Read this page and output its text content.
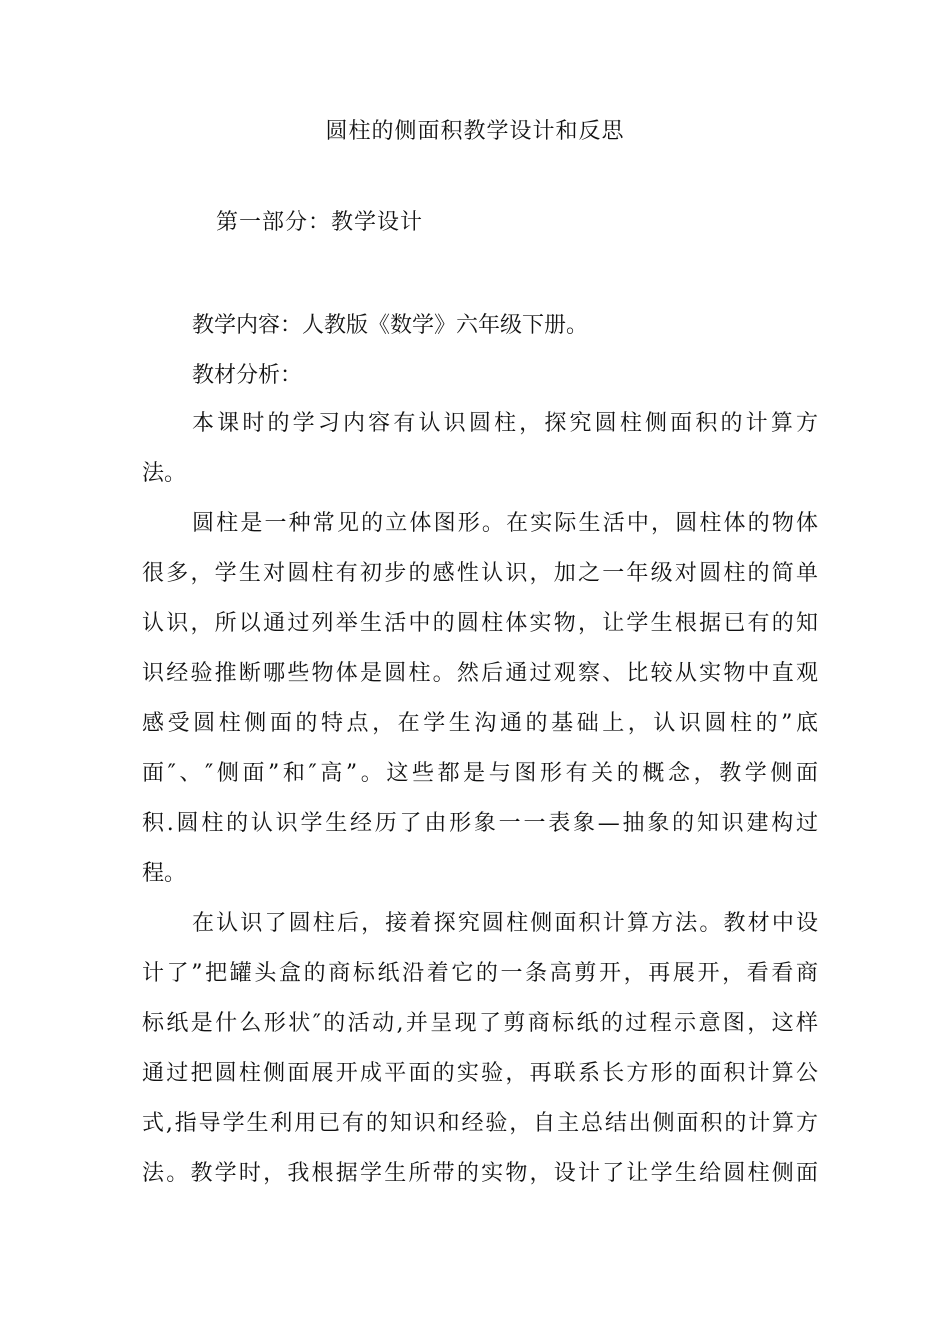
圆柱的侧面积教学设计和反思
第一部分：教学设计
教学内容：人教版《数学》六年级下册。
教材分析：
本课时的学习内容有认识圆柱，探究圆柱侧面积的计算方
法。
圆柱是一种常见的立体图形。在实际生活中，圆柱体的物体
很多，学生对圆柱有初步的感性认识，加之一年级对圆柱的简单
认识，所以通过列举生活中的圆柱体实物，让学生根据已有的知
识经验推断哪些物体是圆柱。然后通过观察、比较从实物中直观
感受圆柱侧面的特点，在学生沟通的基础上，认识圆柱的”底
面″、″侧面”和″高”。这些都是与图形有关的概念，教学侧面
积.圆柱的认识学生经历了由形象一一表象—抽象的知识建构过
程。
在认识了圆柱后，接着探究圆柱侧面积计算方法。教材中设
计了”把罐头盒的商标纸沿着它的一条高剪开，再展开，看看商
标纸是什么形状″的活动,并呈现了剪商标纸的过程示意图，这样
通过把圆柱侧面展开成平面的实验，再联系长方形的面积计算公
式,指导学生利用已有的知识和经验，自主总结出侧面积的计算方
法。教学时，我根据学生所带的实物，设计了让学生给圆柱侧面
